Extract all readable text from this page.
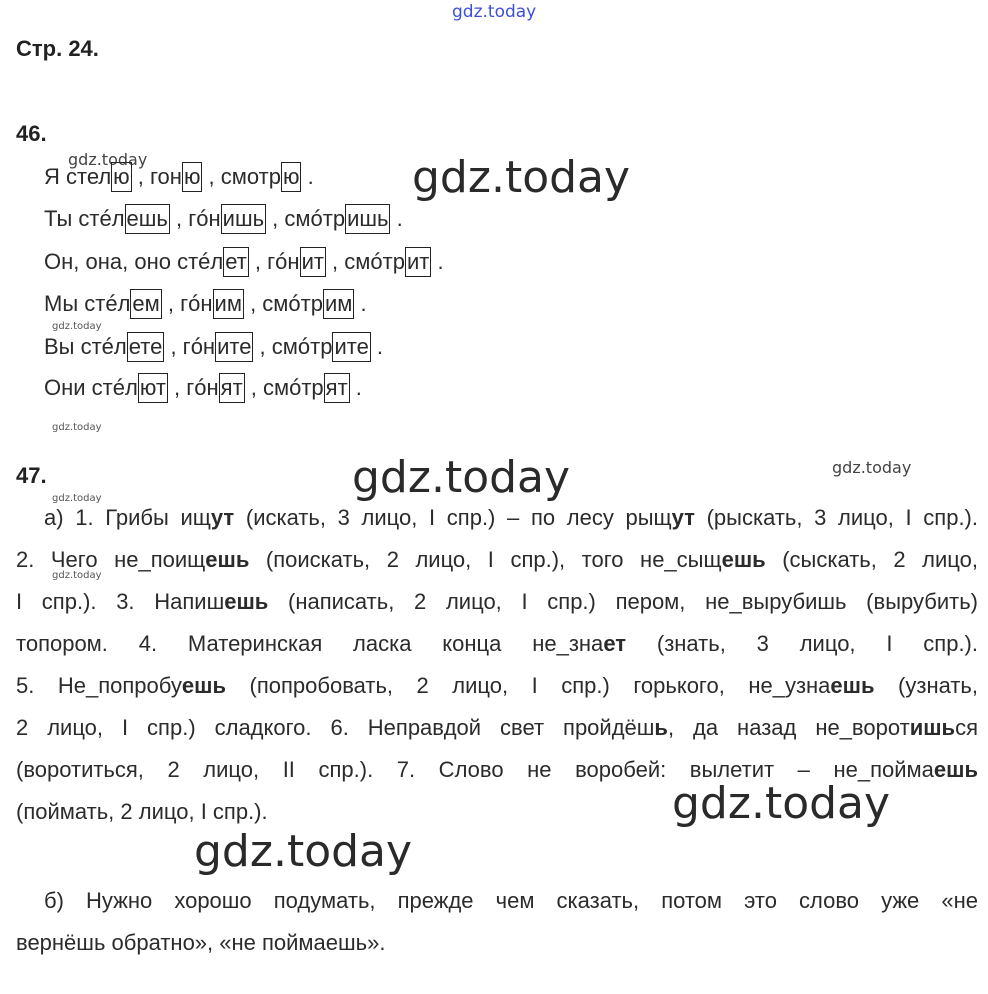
gdz.today
gdz.today
gdz.today
gdz.today
gdz.today
gdz.today
gdz.today
gdz.today
gdz.today
gdz.today
gdz.today
Стр. 24.
46.
Я стелю , гоню , смотрю .
Ты стéлешь , гóнишь , смóтришь .
Он, она, оно стéлет , гóнит , смóтрит .
Мы стéлем , гóним , смóтрим .
Вы стéлете , гóните , смóтрите .
Они стéлют , гóнят , смóтрят .
47.
а) 1. Грибы ищут (искать, 3 лицо, I спр.) – по лесу рыщут (рыскать, 3 лицо, I спр.).
2. Чего не_поищешь (поискать, 2 лицо, I спр.), того не_сыщешь (сыскать, 2 лицо,
I спр.). 3. Напишешь (написать, 2 лицо, I спр.) пером, не_вырубишь (вырубить)
топором. 4. Материнская ласка конца не_знает (знать, 3 лицо, I спр.).
5. Не_попробуешь (попробовать, 2 лицо, I спр.) горького, не_узнаешь (узнать,
2 лицо, I спр.) сладкого. 6. Неправдой свет пройдёшь, да назад не_воротишься
(воротиться, 2 лицо, II спр.). 7. Слово не воробей: вылетит – не_поймаешь
(поймать, 2 лицо, I спр.).
б) Нужно хорошо подумать, прежде чем сказать, потом это слово уже «не
вернёшь обратно», «не поймаешь».
